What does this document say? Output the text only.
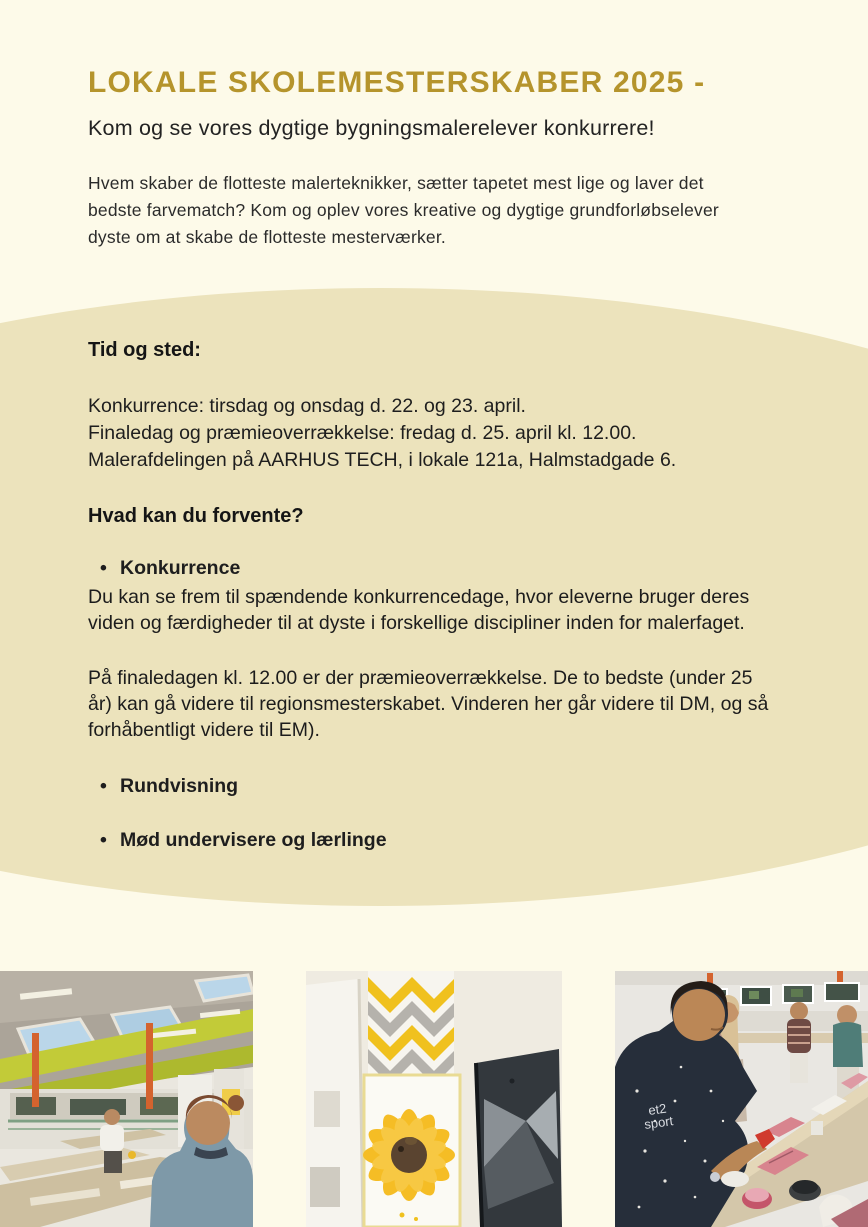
LOKALE SKOLEMESTERSKABER 2025 -
Kom og se vores dygtige bygningsmalerelever konkurrere!

Hvem skaber de flotteste malerteknikker, sætter tapetet mest lige og laver det bedste farvematch? Kom og oplev vores kreative og dygtige grundforløbselever dyste om at skabe de flotteste mesterværker.

Tid og sted:
Konkurrence: tirsdag og onsdag d. 22. og 23. april.
Finaledag og præmieoverrækkelse: fredag d. 25. april kl. 12.00.
Malerafdelingen på AARHUS TECH, i lokale 121a, Halmstadgade 6.
Hvad kan du forvente?
• Konkurrence

Du kan se frem til spændende konkurrencedage, hvor eleverne bruger deres viden og færdigheder til at dyste i forskellige discipliner inden for malerfaget.

På finaledagen kl. 12.00 er der præmieoverrækkelse. De to bedste (under 25 år) kan gå videre til regionsmesterskabet. Vinderen her går videre til DM, og så forhåbentligt videre til EM).

• Rundvisning
• Mød undervisere og lærlinge
et2
sport
